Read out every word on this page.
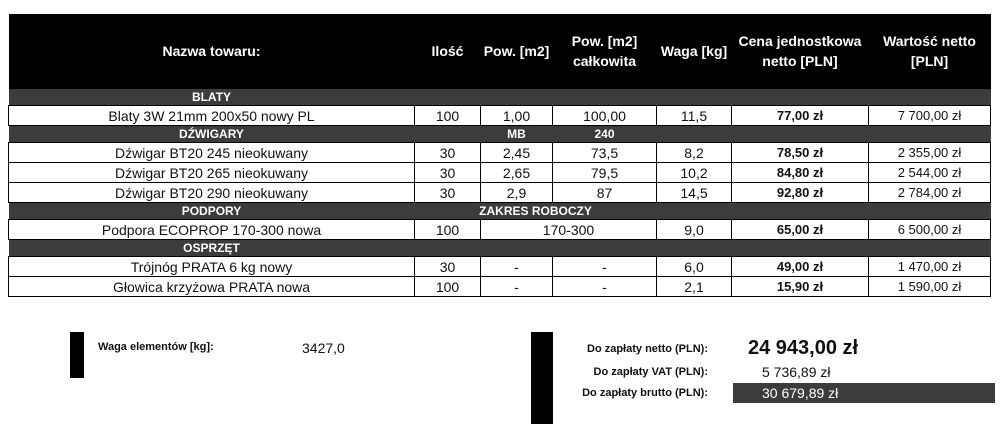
Nazwa towaru:	Ilość	Pow. [m2]	Pow. [m2] całkowita	Waga [kg]	Cena jednostkowa netto [PLN]	Wartość netto [PLN]
BLATY						
Blaty 3W 21mm 200x50 nowy PL	100	1,00	100,00	11,5	77,00 zł	7 700,00 zł
DŹWIGARY		MB	240			
Dźwigar BT20 245 nieokuwany	30	2,45	73,5	8,2	78,50 zł	2 355,00 zł
Dźwigar BT20 265 nieokuwany	30	2,65	79,5	10,2	84,80 zł	2 544,00 zł
Dźwigar BT20 290 nieokuwany	30	2,9	87	14,5	92,80 zł	2 784,00 zł
PODPORY	ZAKRES ROBOCZY					
Podpora ECOPROP 170-300 nowa	100	170-300		9,0	65,00 zł	6 500,00 zł
OSPRZĘT						
Trójnóg PRATA 6 kg nowy	30	-	-	6,0	49,00 zł	1 470,00 zł
Głowica krzyżowa PRATA nowa	100	-	-	2,1	15,90 zł	1 590,00 zł
Waga elementów [kg]:	3427,0	Do zapłaty netto (PLN): 24 943,00 zł
Do zapłaty VAT (PLN):	5 736,89 zł
Do zapłaty brutto (PLN):	30 679,89 zł
